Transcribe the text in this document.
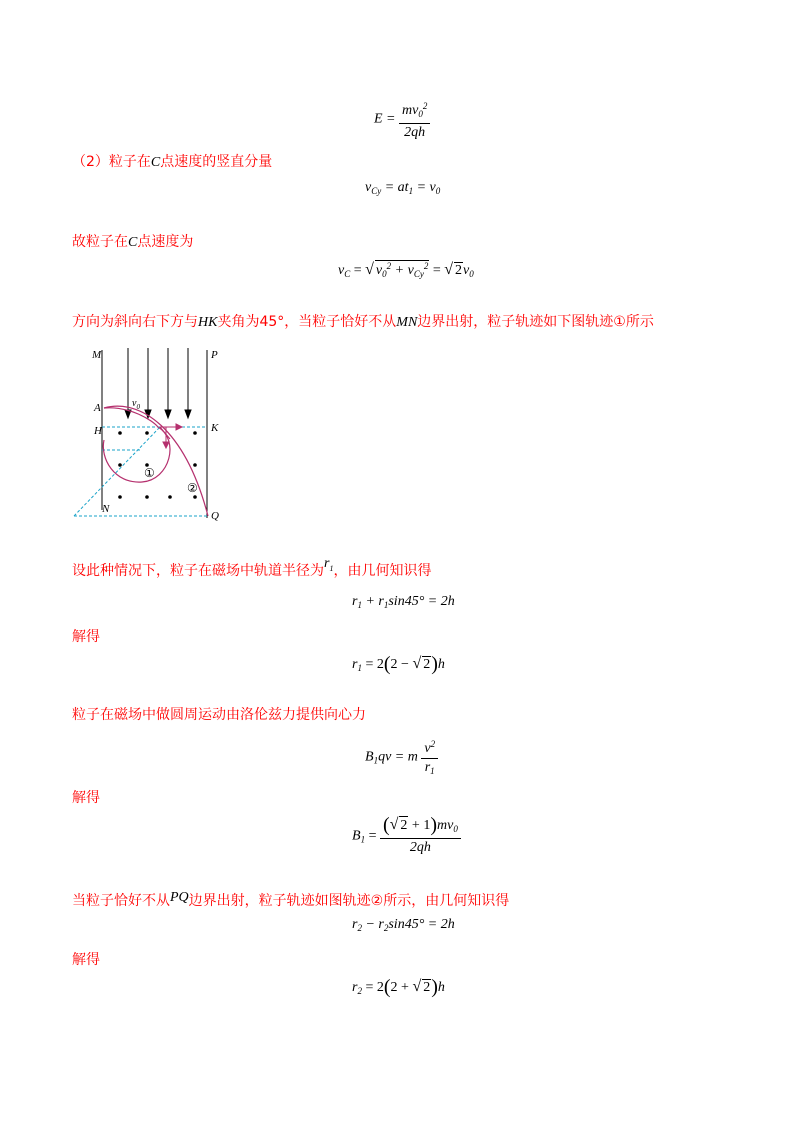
$E = \frac{mv_0^2}{2qh}$
（2）粒子在C点速度的竖直分量
$v_{Cy} = at_1 = v_0$
故粒子在C点速度为
$v_C$ = √ $v_0^2 + v_{Cy}^2$ = √ $2v_0$
方向为斜向右下方与HK夹角为45°，当粒子恰好不从MN边界出射，粒子轨迹如下图轨迹①所示
M	P
A	$v_0$
H	K
N
Q
①
②
设此种情况下，粒子在磁场中轨道半径为$r_1$，由几何知识得
$r_1 + r_1\sin 45^\circ = 2h$
解得
$r_1 = 2(2$ − √ 2)h
粒子在磁场中做圆周运动由洛伦兹力提供向心力
$B_1qv = m \frac{v^2}{r_1}$
解得
$B_1 = \frac{(√ 2 + 1)mv_0}{2qh}$
当粒子恰好不从PQ边界出射，粒子轨迹如图轨迹②所示，由几何知识得
$r_2 - r_2\sin 45^\circ = 2h$
解得
$r_2 = 2(2$ + √ 2)h
